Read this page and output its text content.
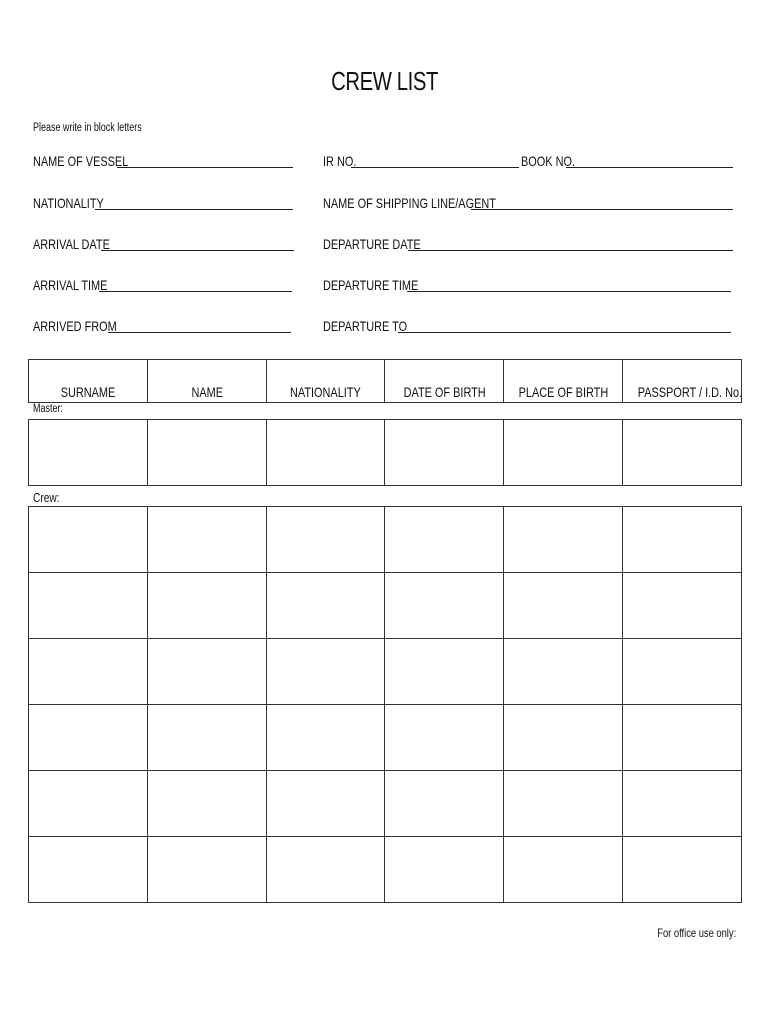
CREW LIST
Please write in block letters
NAME OF VESSEL	IR NO.	BOOK NO.
NATIONALITY	NAME OF SHIPPING LINE/AGENT
ARRIVAL DATE	DEPARTURE DATE
ARRIVAL TIME	DEPARTURE TIME
ARRIVED FROM	DEPARTURE TO
SURNAME	NAME	NATIONALITY	DATE OF BIRTH	PLACE OF BIRTH	PASSPORT / I.D. No.
Master:

Crew:

For office use only:
